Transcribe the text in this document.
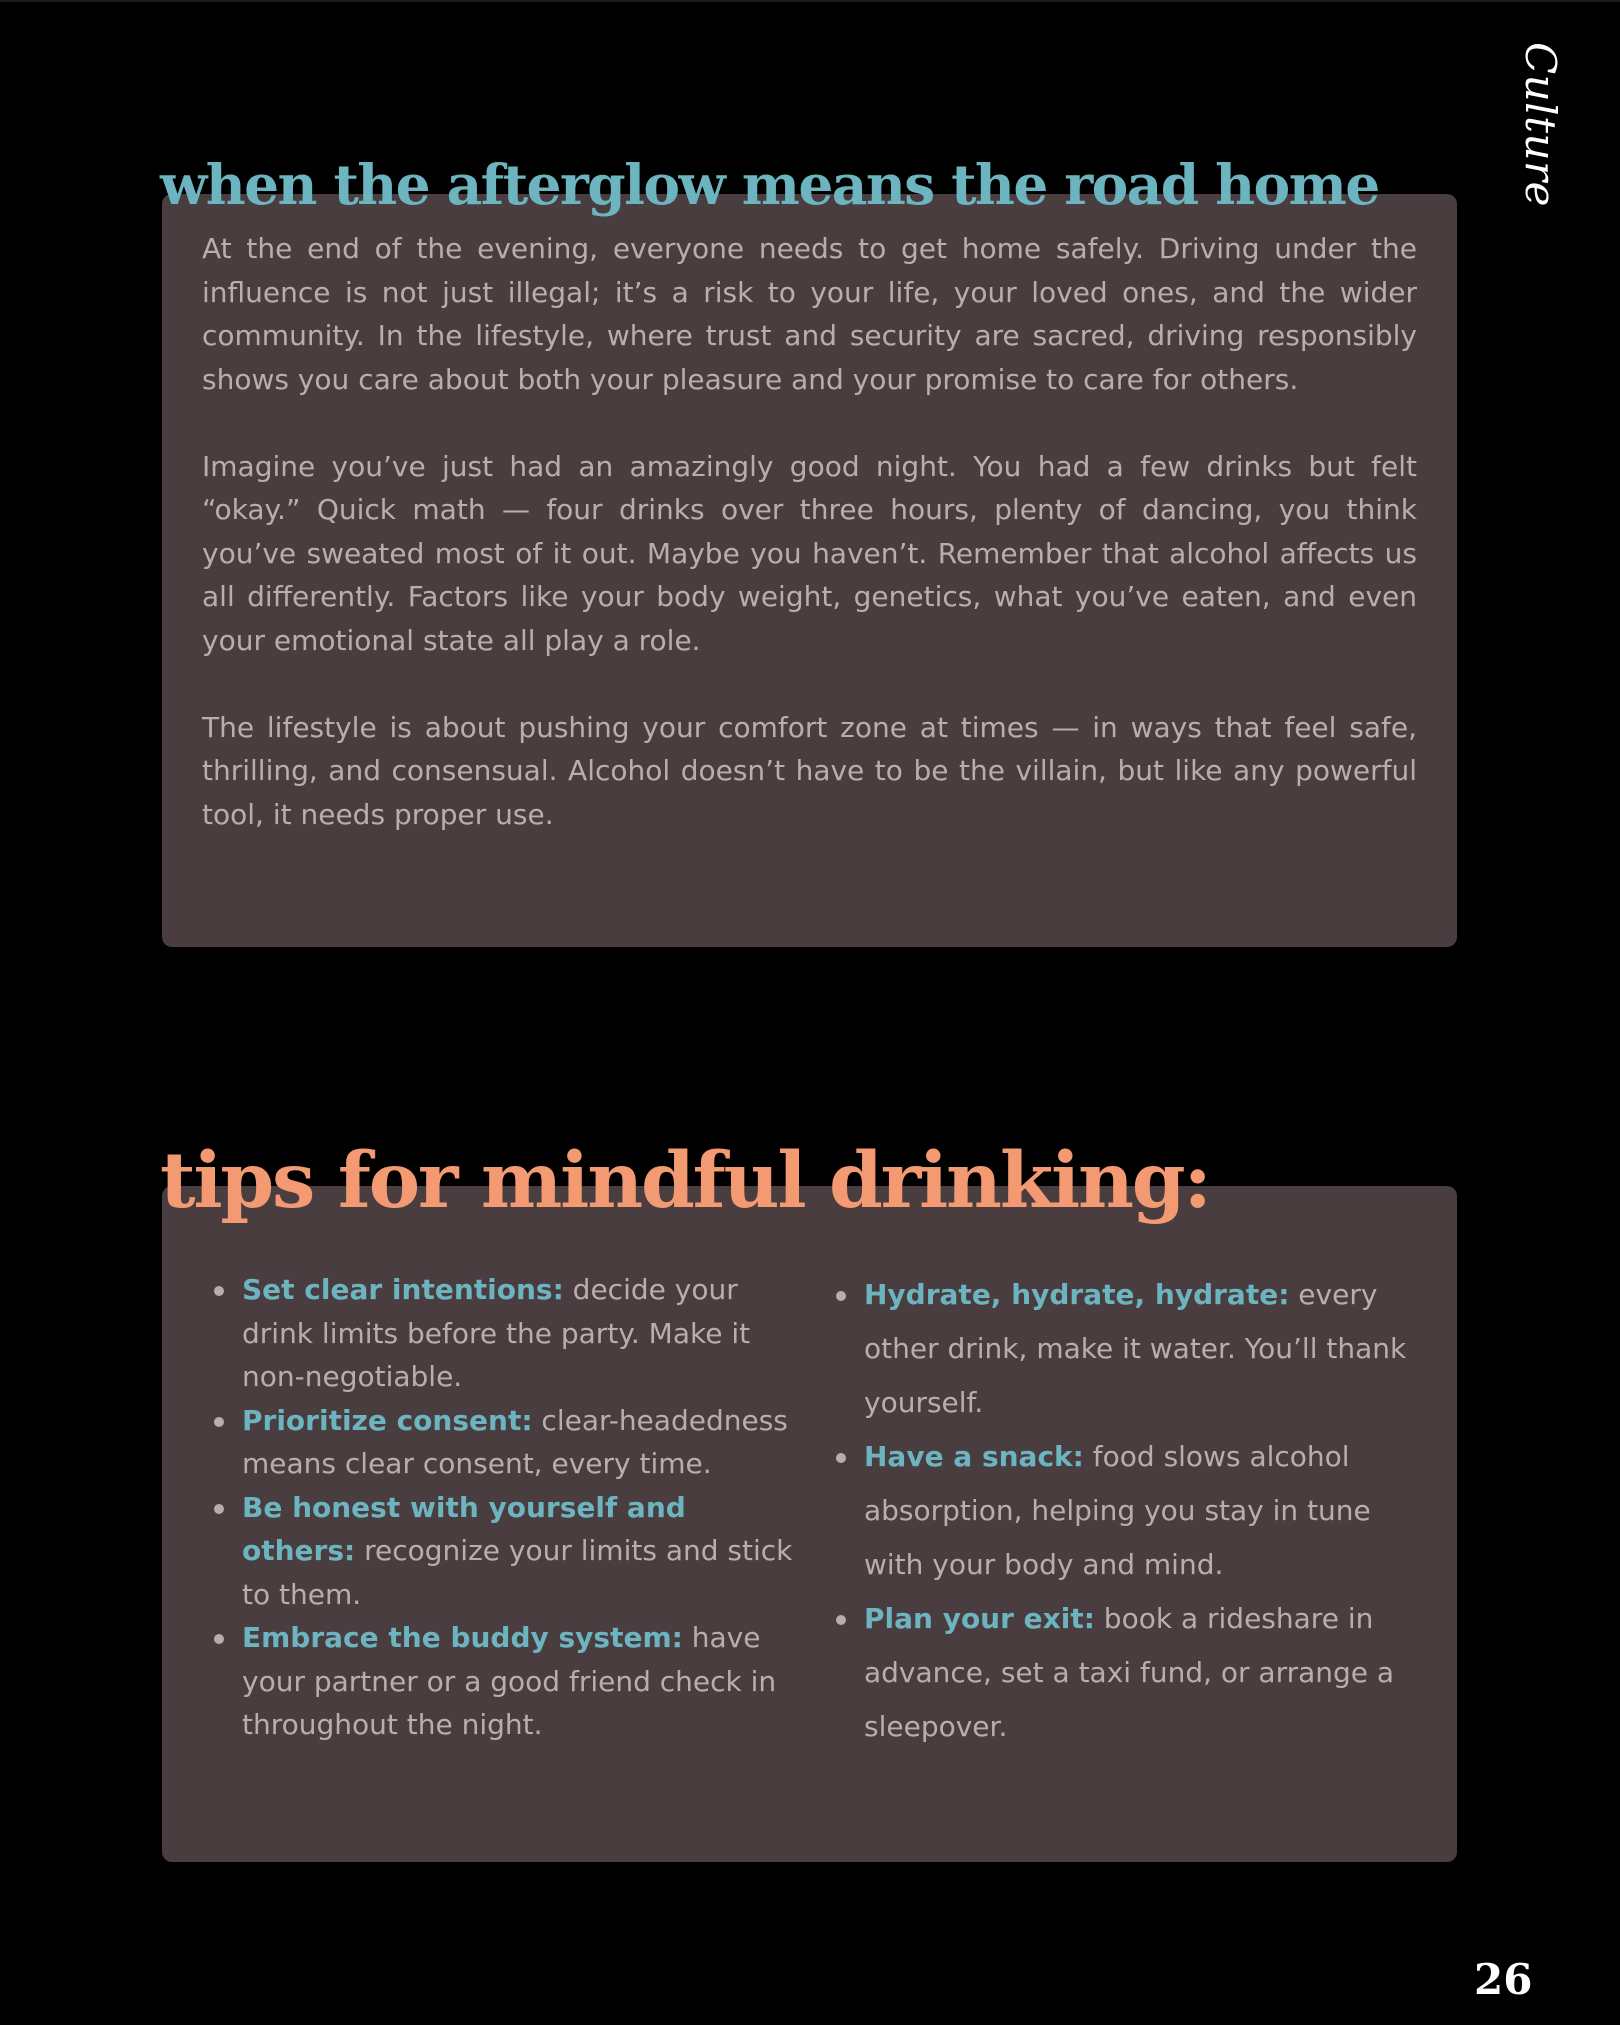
Culture
when the afterglow means the road home

At the end of the evening, everyone needs to get home safely. Driving under the influence is not just illegal; it’s a risk to your life, your loved ones, and the wider community. In the lifestyle, where trust and security are sacred, driving responsibly shows you care about both your pleasure and your promise to care for others.

Imagine you’ve just had an amazingly good night. You had a few drinks but felt “okay.” Quick math — four drinks over three hours, plenty of dancing, you think you’ve sweated most of it out. Maybe you haven’t. Remember that alcohol affects us all differently. Factors like your body weight, genetics, what you’ve eaten, and even your emotional state all play a role.

The lifestyle is about pushing your comfort zone at times — in ways that feel safe, thrilling, and consensual. Alcohol doesn’t have to be the villain, but like any powerful tool, it needs proper use.

tips for mindful drinking:
Set clear intentions: decide your drink limits before the party. Make it non-negotiable.
Prioritize consent: clear-headedness means clear consent, every time.
Be honest with yourself and others: recognize your limits and stick to them.
Embrace the buddy system: have your partner or a good friend check in throughout the night.
Hydrate, hydrate, hydrate: every other drink, make it water. You’ll thank yourself.
Have a snack: food slows alcohol absorption, helping you stay in tune with your body and mind.
Plan your exit: book a rideshare in advance, set a taxi fund, or arrange a sleepover.
26
